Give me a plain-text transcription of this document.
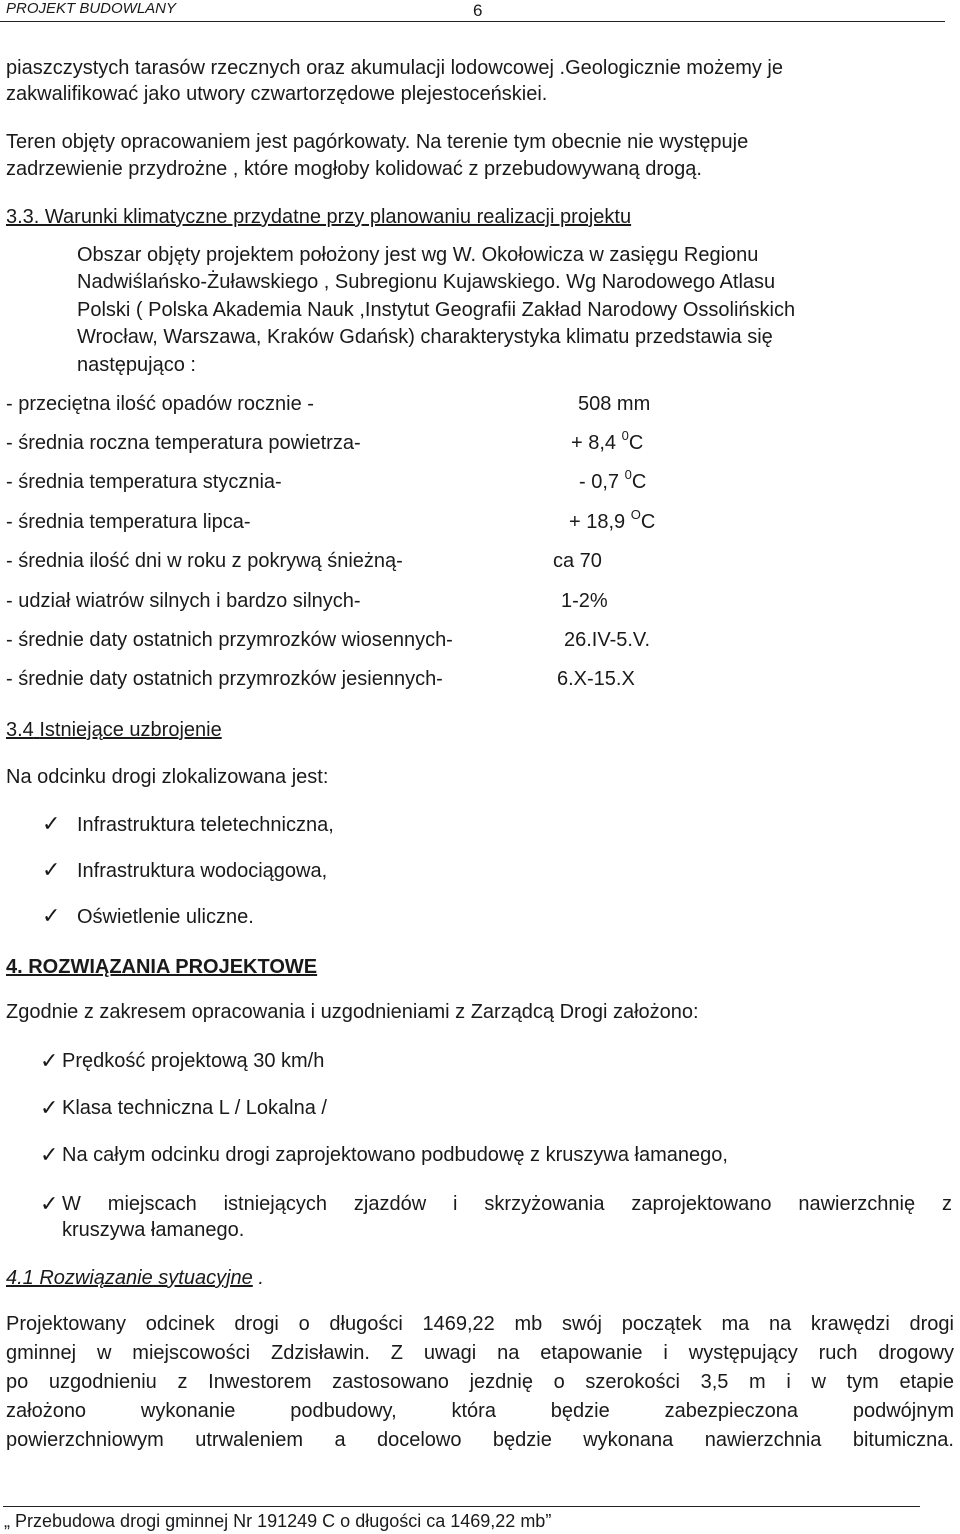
PROJEKT BUDOWLANY	6
piaszczystych tarasów rzecznych oraz akumulacji lodowcowej .Geologicznie możemy je
zakwalifikować jako utwory czwartorzędowe plejestoceńskiei.
Teren objęty opracowaniem jest pagórkowaty. Na terenie tym obecnie nie występuje
zadrzewienie przydrożne , które mogłoby kolidować z przebudowywaną drogą.
3.3. Warunki klimatyczne przydatne przy planowaniu realizacji projektu
Obszar objęty projektem położony jest wg W. Okołowicza w zasięgu Regionu
Nadwiślańsko-Żuławskiego , Subregionu Kujawskiego. Wg Narodowego Atlasu
Polski ( Polska Akademia Nauk ,Instytut Geografii Zakład Narodowy Ossolińskich
Wrocław, Warszawa, Kraków Gdańsk) charakterystyka klimatu przedstawia się
następująco :
- przeciętna ilość opadów rocznie -	508 mm
- średnia roczna temperatura powietrza-	+ 8,4 $^0$C
- średnia temperatura stycznia-	- 0,7 $^0$C
- średnia temperatura lipca-	+ 18,9 $^O$C
- średnia ilość dni w roku z pokrywą śnieżną-	ca 70
- udział wiatrów silnych i bardzo silnych-	1-2%
- średnie daty ostatnich przymrozków wiosennych-	26.IV-5.V.
- średnie daty ostatnich przymrozków jesiennych-	6.X-15.X
3.4 Istniejące uzbrojenie
Na odcinku drogi zlokalizowana jest:
✓ Infrastruktura teletechniczna,
✓ Infrastruktura wodociągowa,
✓ Oświetlenie uliczne.
4. ROZWIĄZANIA PROJEKTOWE
Zgodnie z zakresem opracowania i uzgodnieniami z Zarządcą Drogi założono:
✓ Prędkość projektową 30 km/h
✓ Klasa techniczna L / Lokalna /
✓ Na całym odcinku drogi zaprojektowano podbudowę z kruszywa łamanego,
✓ W miejscach istniejących zjazdów i skrzyżowania zaprojektowano nawierzchnię z

kruszywa łamanego.
4.1 Rozwiązanie sytuacyjne .

Projektowany odcinek drogi o długości 1469,22 mb swój początek ma na krawędzi drogi

gminnej w miejscowości Zdzisławin. Z uwagi na etapowanie i występujący ruch drogowy

po uzgodnieniu z Inwestorem zastosowano jezdnię o szerokości 3,5 m i w tym etapie

założono wykonanie podbudowy, która będzie zabezpieczona podwójnym

powierzchniowym utrwaleniem a docelowo będzie wykonana nawierzchnia bitumiczna.

„ Przebudowa drogi gminnej Nr 191249 C o długości ca 1469,22 mb”
